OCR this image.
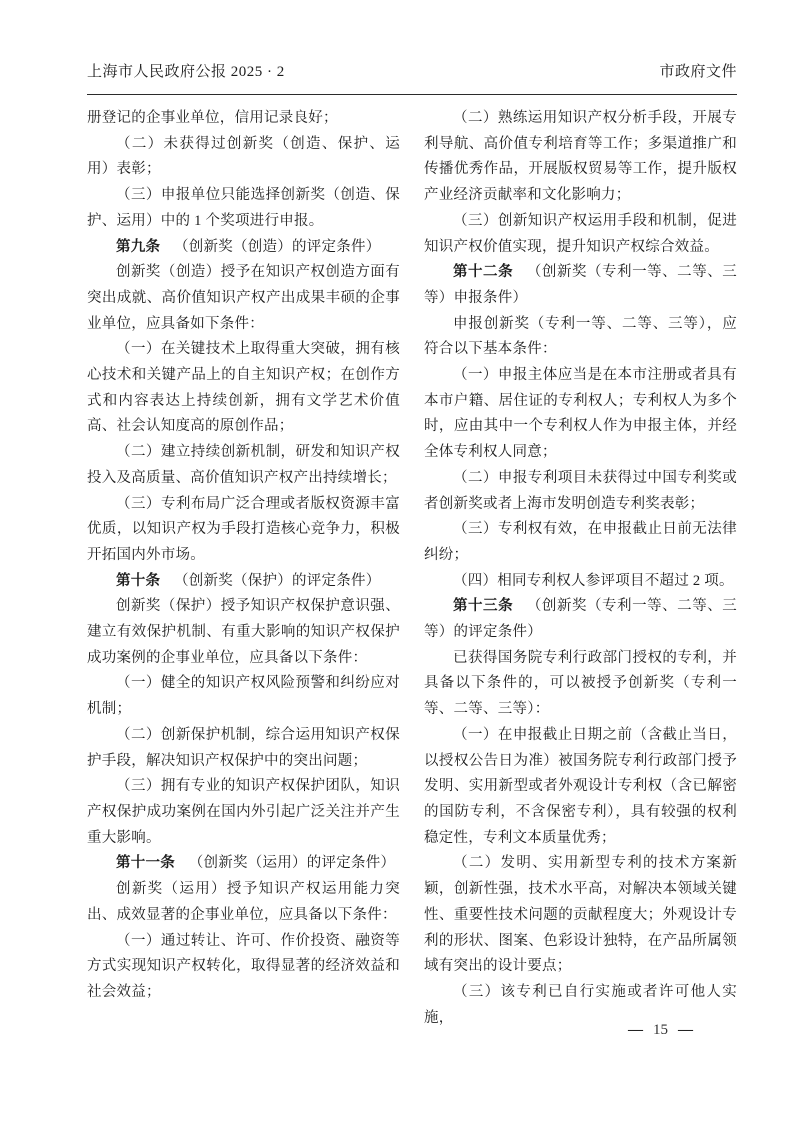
上海市人民政府公报 2025 · 2	市政府文件

册登记的企事业单位，信用记录良好；

（二）未获得过创新奖（创造、保护、运用）表彰；

（三）申报单位只能选择创新奖（创造、保护、运用）中的 1 个奖项进行申报。

第九条 （创新奖（创造）的评定条件）

创新奖（创造）授予在知识产权创造方面有突出成就、高价值知识产权产出成果丰硕的企事业单位，应具备如下条件：

（一）在关键技术上取得重大突破，拥有核心技术和关键产品上的自主知识产权；在创作方式和内容表达上持续创新，拥有文学艺术价值高、社会认知度高的原创作品；

（二）建立持续创新机制，研发和知识产权投入及高质量、高价值知识产权产出持续增长；

（三）专利布局广泛合理或者版权资源丰富优质，以知识产权为手段打造核心竞争力，积极开拓国内外市场。

第十条 （创新奖（保护）的评定条件）

创新奖（保护）授予知识产权保护意识强、建立有效保护机制、有重大影响的知识产权保护成功案例的企事业单位，应具备以下条件：

（一）健全的知识产权风险预警和纠纷应对机制；

（二）创新保护机制，综合运用知识产权保护手段，解决知识产权保护中的突出问题；

（三）拥有专业的知识产权保护团队，知识产权保护成功案例在国内外引起广泛关注并产生重大影响。

第十一条 （创新奖（运用）的评定条件）

创新奖（运用）授予知识产权运用能力突出、成效显著的企事业单位，应具备以下条件：

（一）通过转让、许可、作价投资、融资等方式实现知识产权转化，取得显著的经济效益和社会效益；

（二）熟练运用知识产权分析手段，开展专利导航、高价值专利培育等工作；多渠道推广和传播优秀作品，开展版权贸易等工作，提升版权产业经济贡献率和文化影响力；

（三）创新知识产权运用手段和机制，促进知识产权价值实现，提升知识产权综合效益。

第十二条 （创新奖（专利一等、二等、三等）申报条件）

申报创新奖（专利一等、二等、三等），应符合以下基本条件：

（一）申报主体应当是在本市注册或者具有本市户籍、居住证的专利权人；专利权人为多个时，应由其中一个专利权人作为申报主体，并经全体专利权人同意；

（二）申报专利项目未获得过中国专利奖或者创新奖或者上海市发明创造专利奖表彰；

（三）专利权有效，在申报截止日前无法律纠纷；

（四）相同专利权人参评项目不超过 2 项。

第十三条 （创新奖（专利一等、二等、三等）的评定条件）

已获得国务院专利行政部门授权的专利，并具备以下条件的，可以被授予创新奖（专利一等、二等、三等）：

（一）在申报截止日期之前（含截止当日，以授权公告日为准）被国务院专利行政部门授予发明、实用新型或者外观设计专利权（含已解密的国防专利，不含保密专利），具有较强的权利稳定性，专利文本质量优秀；

（二）发明、实用新型专利的技术方案新颖，创新性强，技术水平高，对解决本领域关键性、重要性技术问题的贡献程度大；外观设计专利的形状、图案、色彩设计独特，在产品所属领域有突出的设计要点；

（三）该专利已自行实施或者许可他人实施，

— 15 —
